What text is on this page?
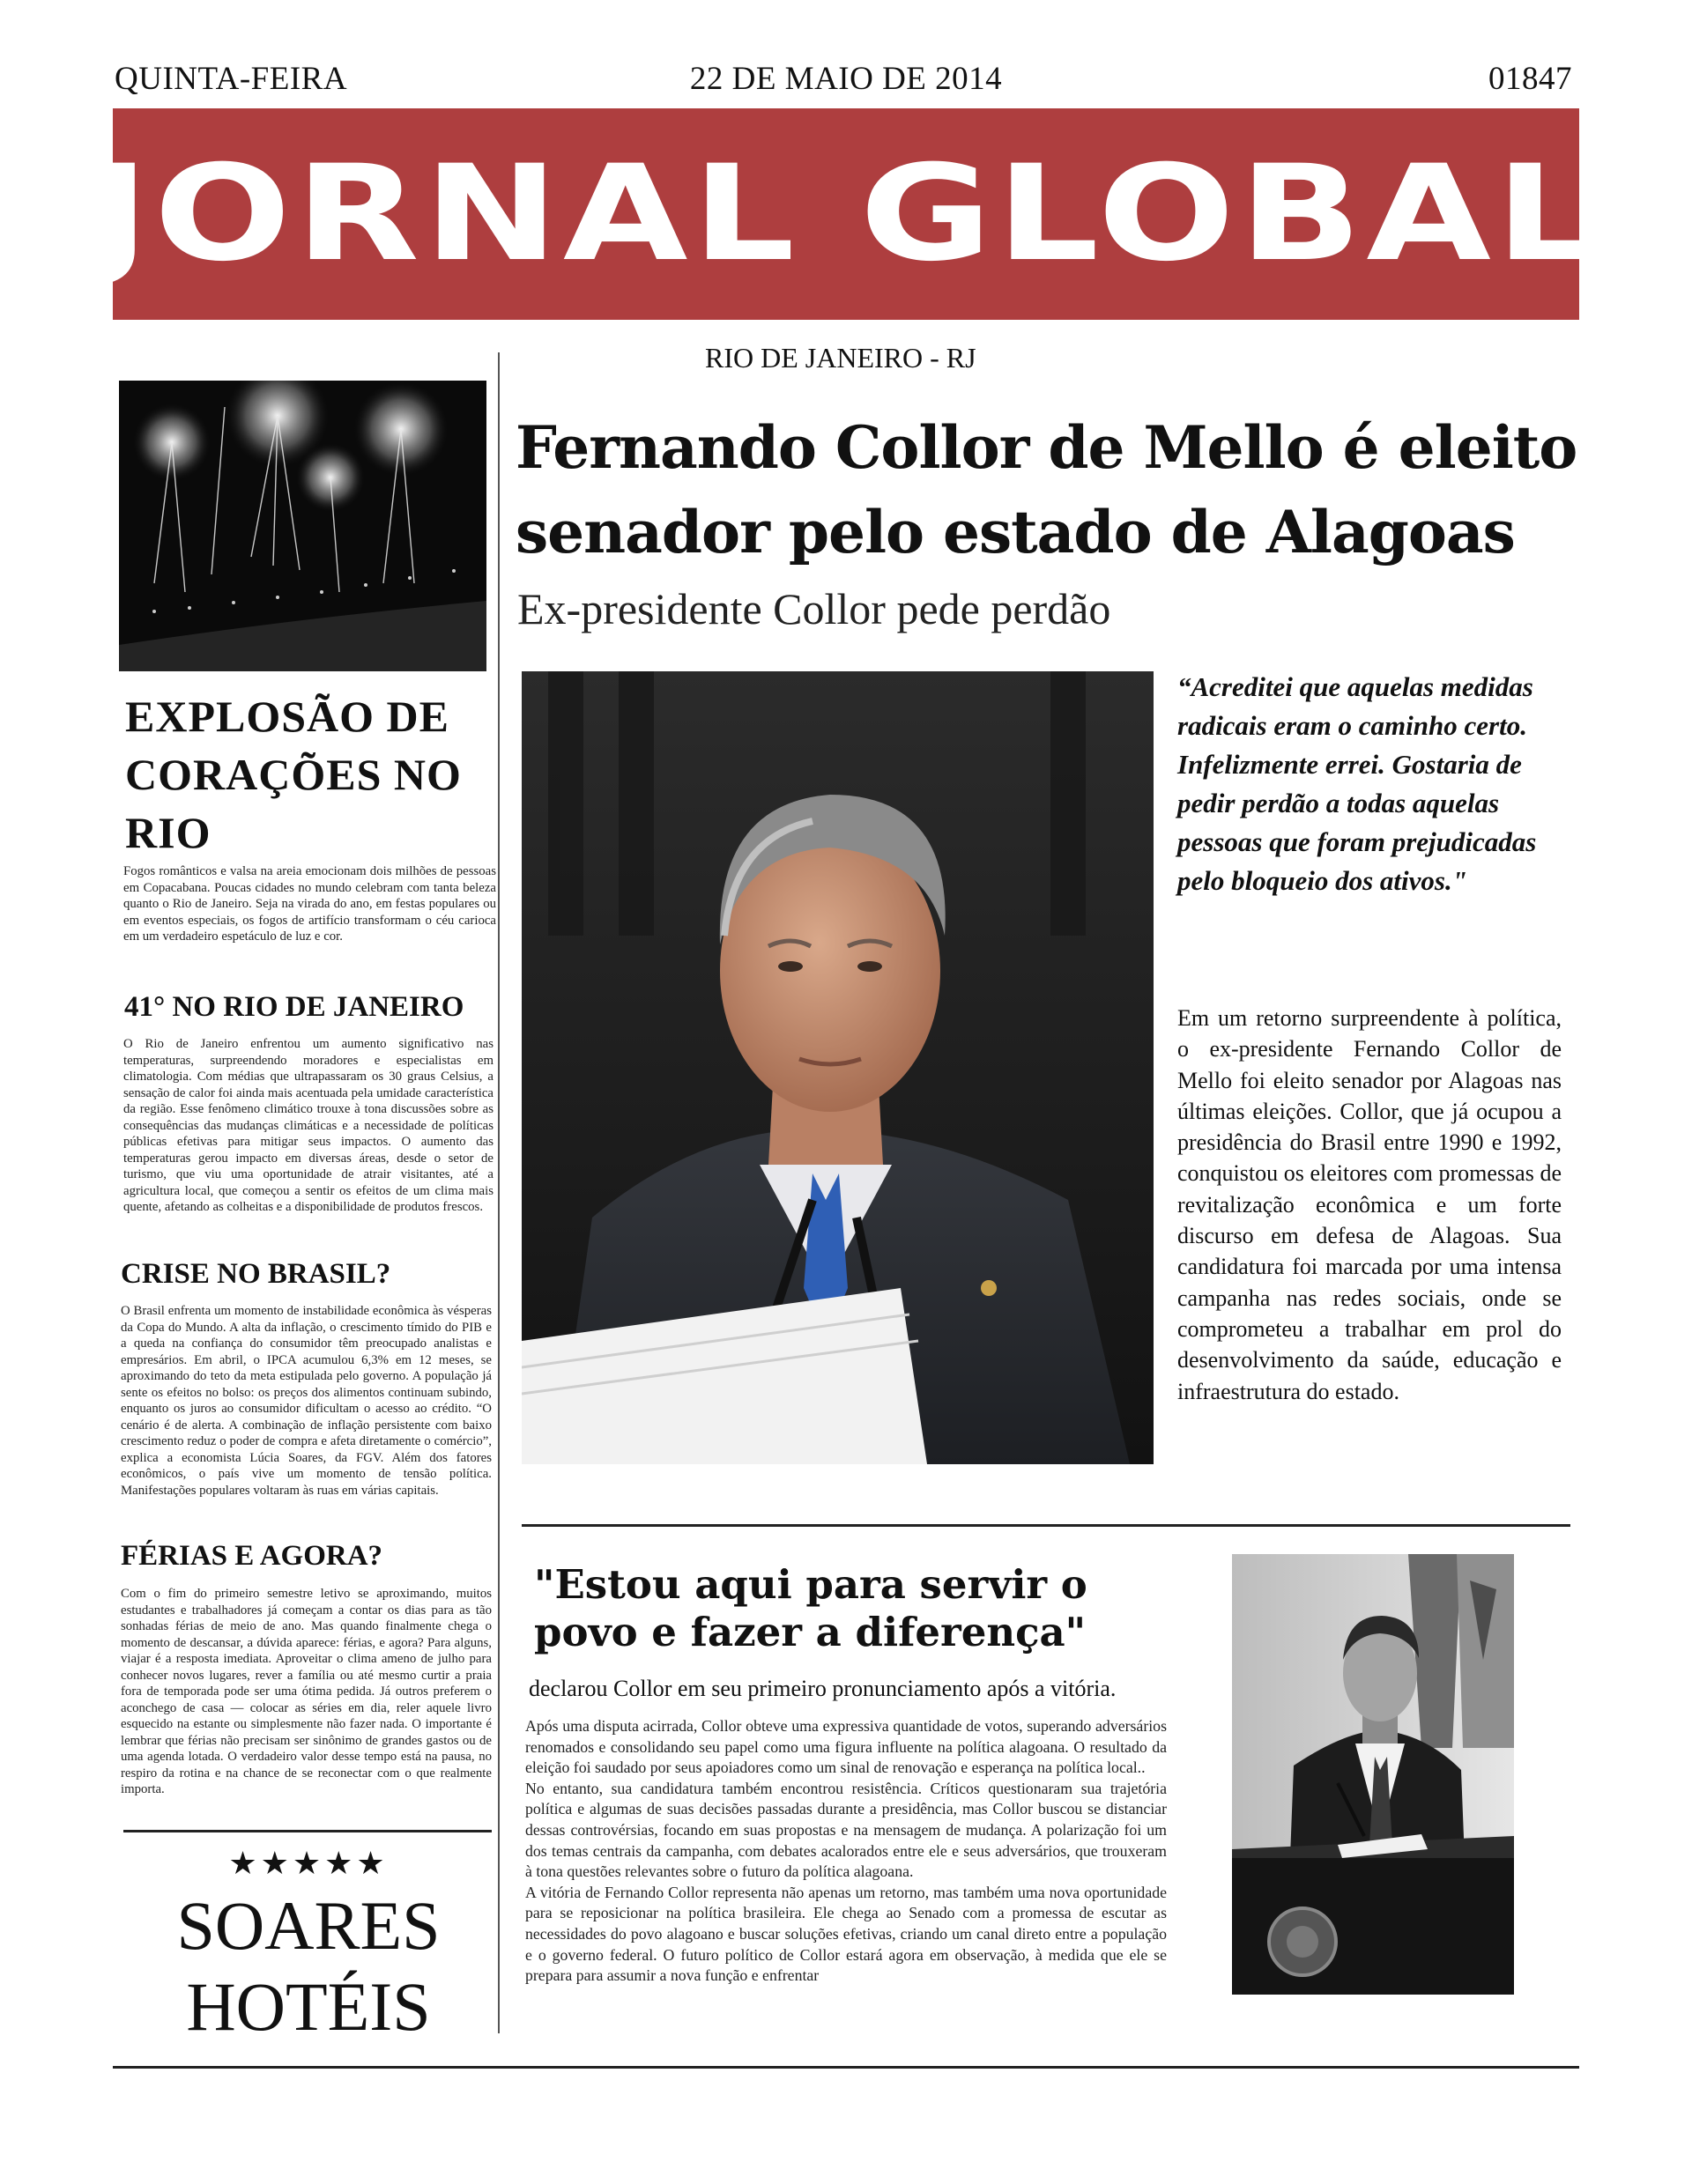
QUINTA-FEIRA	22 DE MAIO DE 2014	01847
JORNAL GLOBAL
RIO DE JANEIRO - RJ
EXPLOSÃO DE CORAÇÕES NO RIO
Fogos românticos e valsa na areia emocionam dois milhões de pessoas em Copacabana. Poucas cidades no mundo celebram com tanta beleza quanto o Rio de Janeiro. Seja na virada do ano, em festas populares ou em eventos especiais, os fogos de artifício transformam o céu carioca em um verdadeiro espetáculo de luz e cor.
41° NO RIO DE JANEIRO
O Rio de Janeiro enfrentou um aumento significativo nas temperaturas, surpreendendo moradores e especialistas em climatologia. Com médias que ultrapassaram os 30 graus Celsius, a sensação de calor foi ainda mais acentuada pela umidade característica da região. Esse fenômeno climático trouxe à tona discussões sobre as consequências das mudanças climáticas e a necessidade de políticas públicas efetivas para mitigar seus impactos. O aumento das temperaturas gerou impacto em diversas áreas, desde o setor de turismo, que viu uma oportunidade de atrair visitantes, até a agricultura local, que começou a sentir os efeitos de um clima mais quente, afetando as colheitas e a disponibilidade de produtos frescos.
CRISE NO BRASIL?
O Brasil enfrenta um momento de instabilidade econômica às vésperas da Copa do Mundo. A alta da inflação, o crescimento tímido do PIB e a queda na confiança do consumidor têm preocupado analistas e empresários. Em abril, o IPCA acumulou 6,3% em 12 meses, se aproximando do teto da meta estipulada pelo governo. A população já sente os efeitos no bolso: os preços dos alimentos continuam subindo, enquanto os juros ao consumidor dificultam o acesso ao crédito. “O cenário é de alerta. A combinação de inflação persistente com baixo crescimento reduz o poder de compra e afeta diretamente o comércio”, explica a economista Lúcia Soares, da FGV. Além dos fatores econômicos, o país vive um momento de tensão política. Manifestações populares voltaram às ruas em várias capitais.
FÉRIAS E AGORA?
Com o fim do primeiro semestre letivo se aproximando, muitos estudantes e trabalhadores já começam a contar os dias para as tão sonhadas férias de meio de ano. Mas quando finalmente chega o momento de descansar, a dúvida aparece: férias, e agora? Para alguns, viajar é a resposta imediata. Aproveitar o clima ameno de julho para conhecer novos lugares, rever a família ou até mesmo curtir a praia fora de temporada pode ser uma ótima pedida. Já outros preferem o aconchego de casa — colocar as séries em dia, reler aquele livro esquecido na estante ou simplesmente não fazer nada. O importante é lembrar que férias não precisam ser sinônimo de grandes gastos ou de uma agenda lotada. O verdadeiro valor desse tempo está na pausa, no respiro da rotina e na chance de se reconectar com o que realmente importa.
★★★★★
SOARES HOTÉIS
Fernando Collor de Mello é eleito senador pelo estado de Alagoas
Ex-presidente Collor pede perdão
“Acreditei que aquelas medidas radicais eram o caminho certo. Infelizmente errei. Gostaria de pedir perdão a todas aquelas pessoas que foram prejudicadas pelo bloqueio dos ativos."
Em um retorno surpreendente à política, o ex-presidente Fernando Collor de Mello foi eleito senador por Alagoas nas últimas eleições. Collor, que já ocupou a presidência do Brasil entre 1990 e 1992, conquistou os eleitores com promessas de revitalização econômica e um forte discurso em defesa de Alagoas. Sua candidatura foi marcada por uma intensa campanha nas redes sociais, onde se comprometeu a trabalhar em prol do desenvolvimento da saúde, educação e infraestrutura do estado.
"Estou aqui para servir o povo e fazer a diferença"
declarou Collor em seu primeiro pronunciamento após a vitória.

Após uma disputa acirrada, Collor obteve uma expressiva quantidade de votos, superando adversários renomados e consolidando seu papel como uma figura influente na política alagoana. O resultado da eleição foi saudado por seus apoiadores como um sinal de renovação e esperança na política local..

No entanto, sua candidatura também encontrou resistência. Críticos questionaram sua trajetória política e algumas de suas decisões passadas durante a presidência, mas Collor buscou se distanciar dessas controvérsias, focando em suas propostas e na mensagem de mudança. A polarização foi um dos temas centrais da campanha, com debates acalorados entre ele e seus adversários, que trouxeram à tona questões relevantes sobre o futuro da política alagoana.

A vitória de Fernando Collor representa não apenas um retorno, mas também uma nova oportunidade para se reposicionar na política brasileira. Ele chega ao Senado com a promessa de escutar as necessidades do povo alagoano e buscar soluções efetivas, criando um canal direto entre a população e o governo federal. O futuro político de Collor estará agora em observação, à medida que ele se prepara para assumir a nova função e enfrentar
